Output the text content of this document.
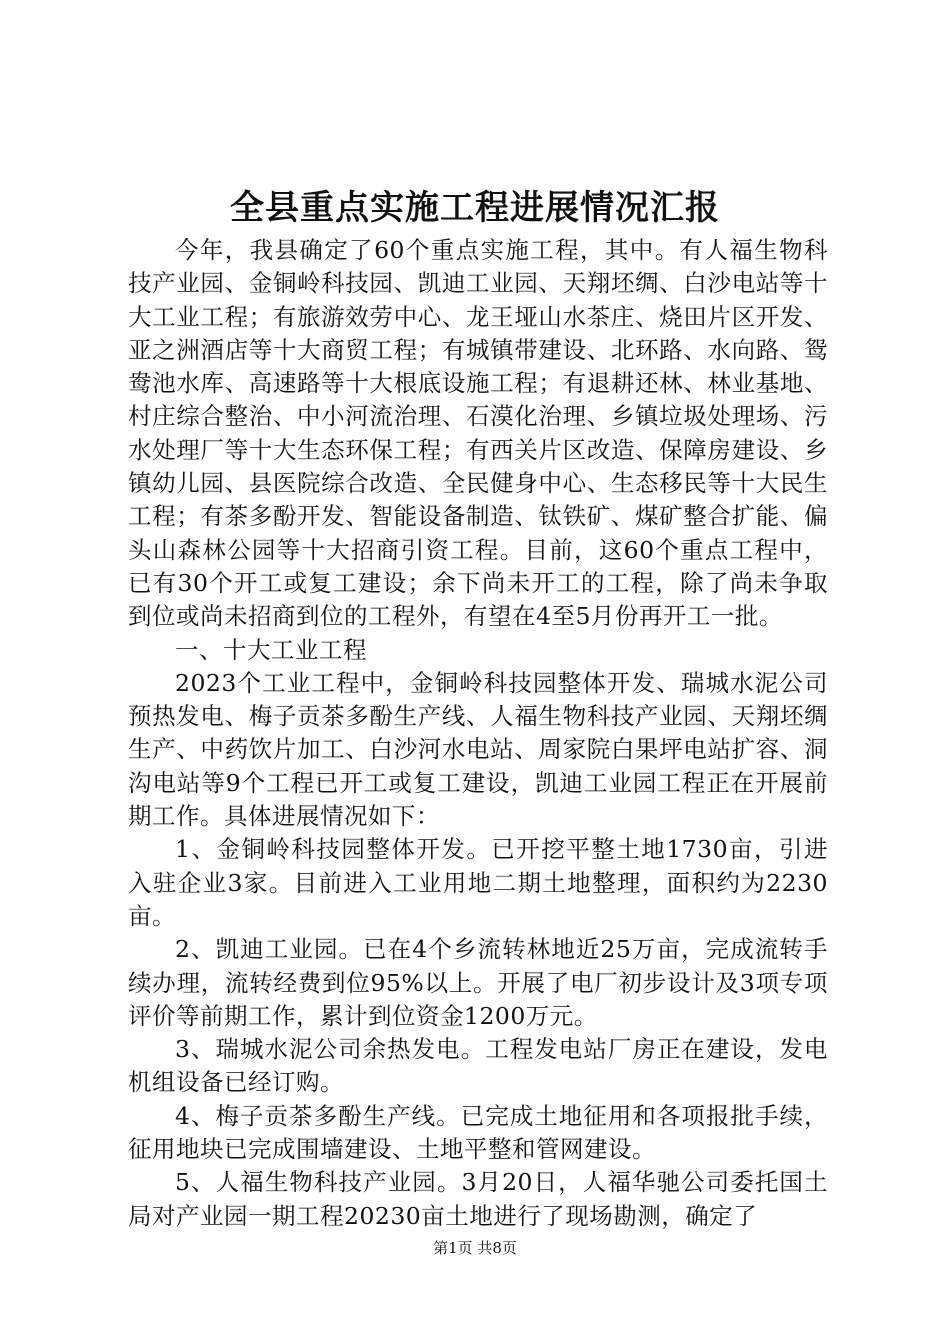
全县重点实施工程进展情况汇报

今年，我县确定了60个重点实施工程，其中。有人福生物科技产业园、金铜岭科技园、凯迪工业园、天翔坯绸、白沙电站等十大工业工程；有旅游效劳中心、龙王垭山水茶庄、烧田片区开发、亚之洲酒店等十大商贸工程；有城镇带建设、北环路、水向路、鸳鸯池水库、高速路等十大根底设施工程；有退耕还林、林业基地、村庄综合整治、中小河流治理、石漠化治理、乡镇垃圾处理场、污水处理厂等十大生态环保工程；有西关片区改造、保障房建设、乡镇幼儿园、县医院综合改造、全民健身中心、生态移民等十大民生工程；有茶多酚开发、智能设备制造、钛铁矿、煤矿整合扩能、偏头山森林公园等十大招商引资工程。目前，这60个重点工程中，已有30个开工或复工建设；余下尚未开工的工程，除了尚未争取到位或尚未招商到位的工程外，有望在4至5月份再开工一批。

一、十大工业工程

2023个工业工程中，金铜岭科技园整体开发、瑞城水泥公司预热发电、梅子贡茶多酚生产线、人福生物科技产业园、天翔坯绸生产、中药饮片加工、白沙河水电站、周家院白果坪电站扩容、洞沟电站等9个工程已开工或复工建设，凯迪工业园工程正在开展前期工作。具体进展情况如下：

1、金铜岭科技园整体开发。已开挖平整土地1730亩，引进入驻企业3家。目前进入工业用地二期土地整理，面积约为2230亩。

2、凯迪工业园。已在4个乡流转林地近25万亩，完成流转手续办理，流转经费到位95%以上。开展了电厂初步设计及3项专项评价等前期工作，累计到位资金1200万元。

3、瑞城水泥公司余热发电。工程发电站厂房正在建设，发电机组设备已经订购。

4、梅子贡茶多酚生产线。已完成土地征用和各项报批手续，征用地块已完成围墙建设、土地平整和管网建设。

5、人福生物科技产业园。3月20日，人福华驰公司委托国土局对产业园一期工程20230亩土地进行了现场勘测，确定了

第1页 共8页
